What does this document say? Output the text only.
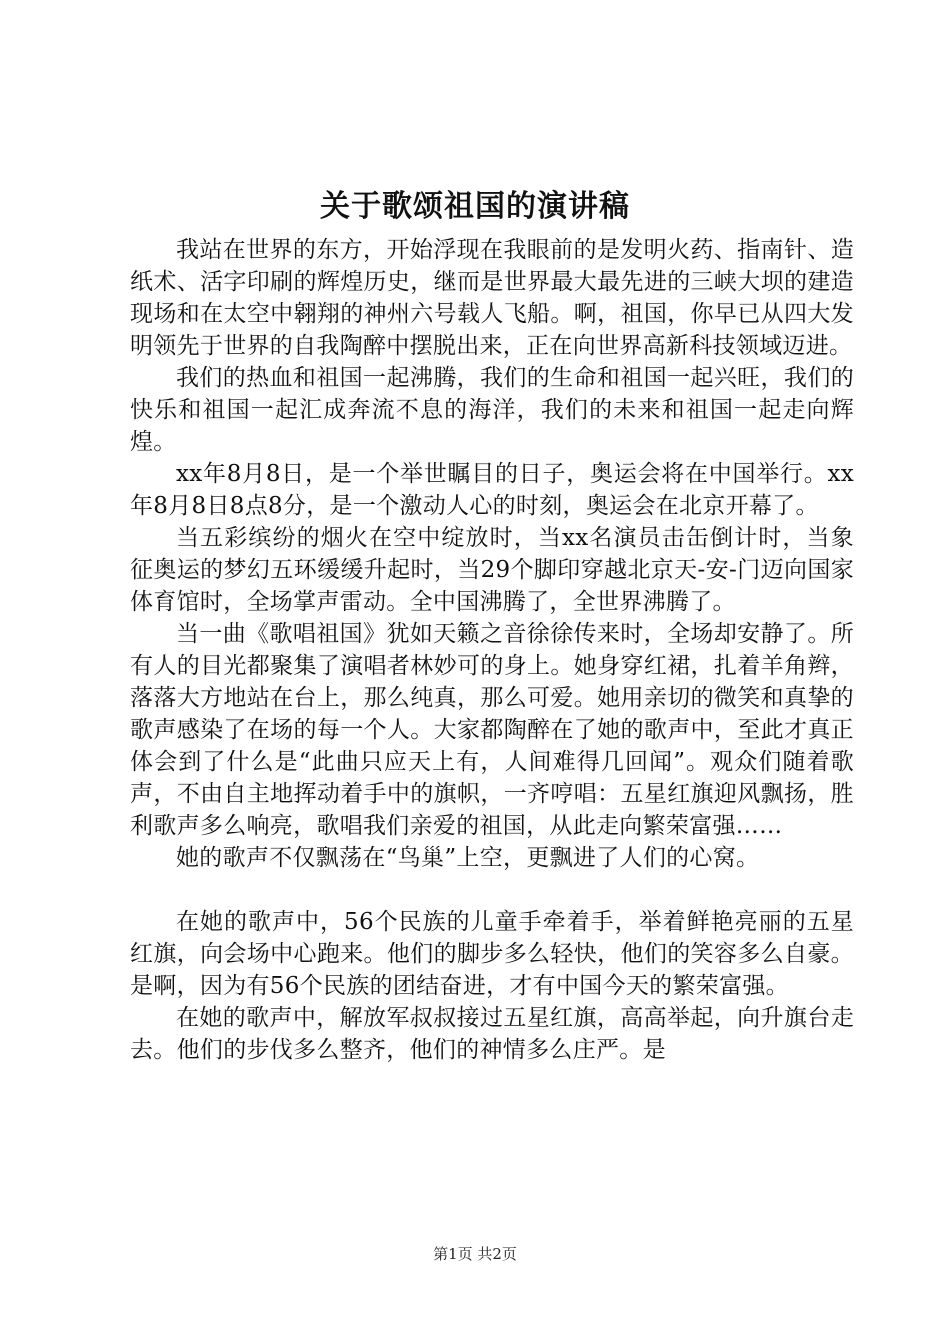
关于歌颂祖国的演讲稿

我站在世界的东方，开始浮现在我眼前的是发明火药、指南针、造纸术、活字印刷的辉煌历史，继而是世界最大最先进的三峡大坝的建造现场和在太空中翱翔的神州六号载人飞船。啊，祖国，你早已从四大发明领先于世界的自我陶醉中摆脱出来，正在向世界高新科技领域迈进。

我们的热血和祖国一起沸腾，我们的生命和祖国一起兴旺，我们的快乐和祖国一起汇成奔流不息的海洋，我们的未来和祖国一起走向辉煌。

xx年8月8日，是一个举世瞩目的日子，奥运会将在中国举行。xx年8月8日8点8分，是一个激动人心的时刻，奥运会在北京开幕了。

当五彩缤纷的烟火在空中绽放时，当xx名演员击缶倒计时，当象征奥运的梦幻五环缓缓升起时，当29个脚印穿越北京天-安-门迈向国家体育馆时，全场掌声雷动。全中国沸腾了，全世界沸腾了。

当一曲《歌唱祖国》犹如天籁之音徐徐传来时，全场却安静了。所有人的目光都聚集了演唱者林妙可的身上。她身穿红裙，扎着羊角辫，落落大方地站在台上，那么纯真，那么可爱。她用亲切的微笑和真挚的歌声感染了在场的每一个人。大家都陶醉在了她的歌声中，至此才真正体会到了什么是“此曲只应天上有，人间难得几回闻”。观众们随着歌声，不由自主地挥动着手中的旗帜，一齐哼唱：五星红旗迎风飘扬，胜利歌声多么响亮，歌唱我们亲爱的祖国，从此走向繁荣富强……

她的歌声不仅飘荡在“鸟巢”上空，更飘进了人们的心窝。

在她的歌声中，56个民族的儿童手牵着手，举着鲜艳亮丽的五星红旗，向会场中心跑来。他们的脚步多么轻快，他们的笑容多么自豪。是啊，因为有56个民族的团结奋进，才有中国今天的繁荣富强。

在她的歌声中，解放军叔叔接过五星红旗，高高举起，向升旗台走去。他们的步伐多么整齐，他们的神情多么庄严。是

第1页 共2页
